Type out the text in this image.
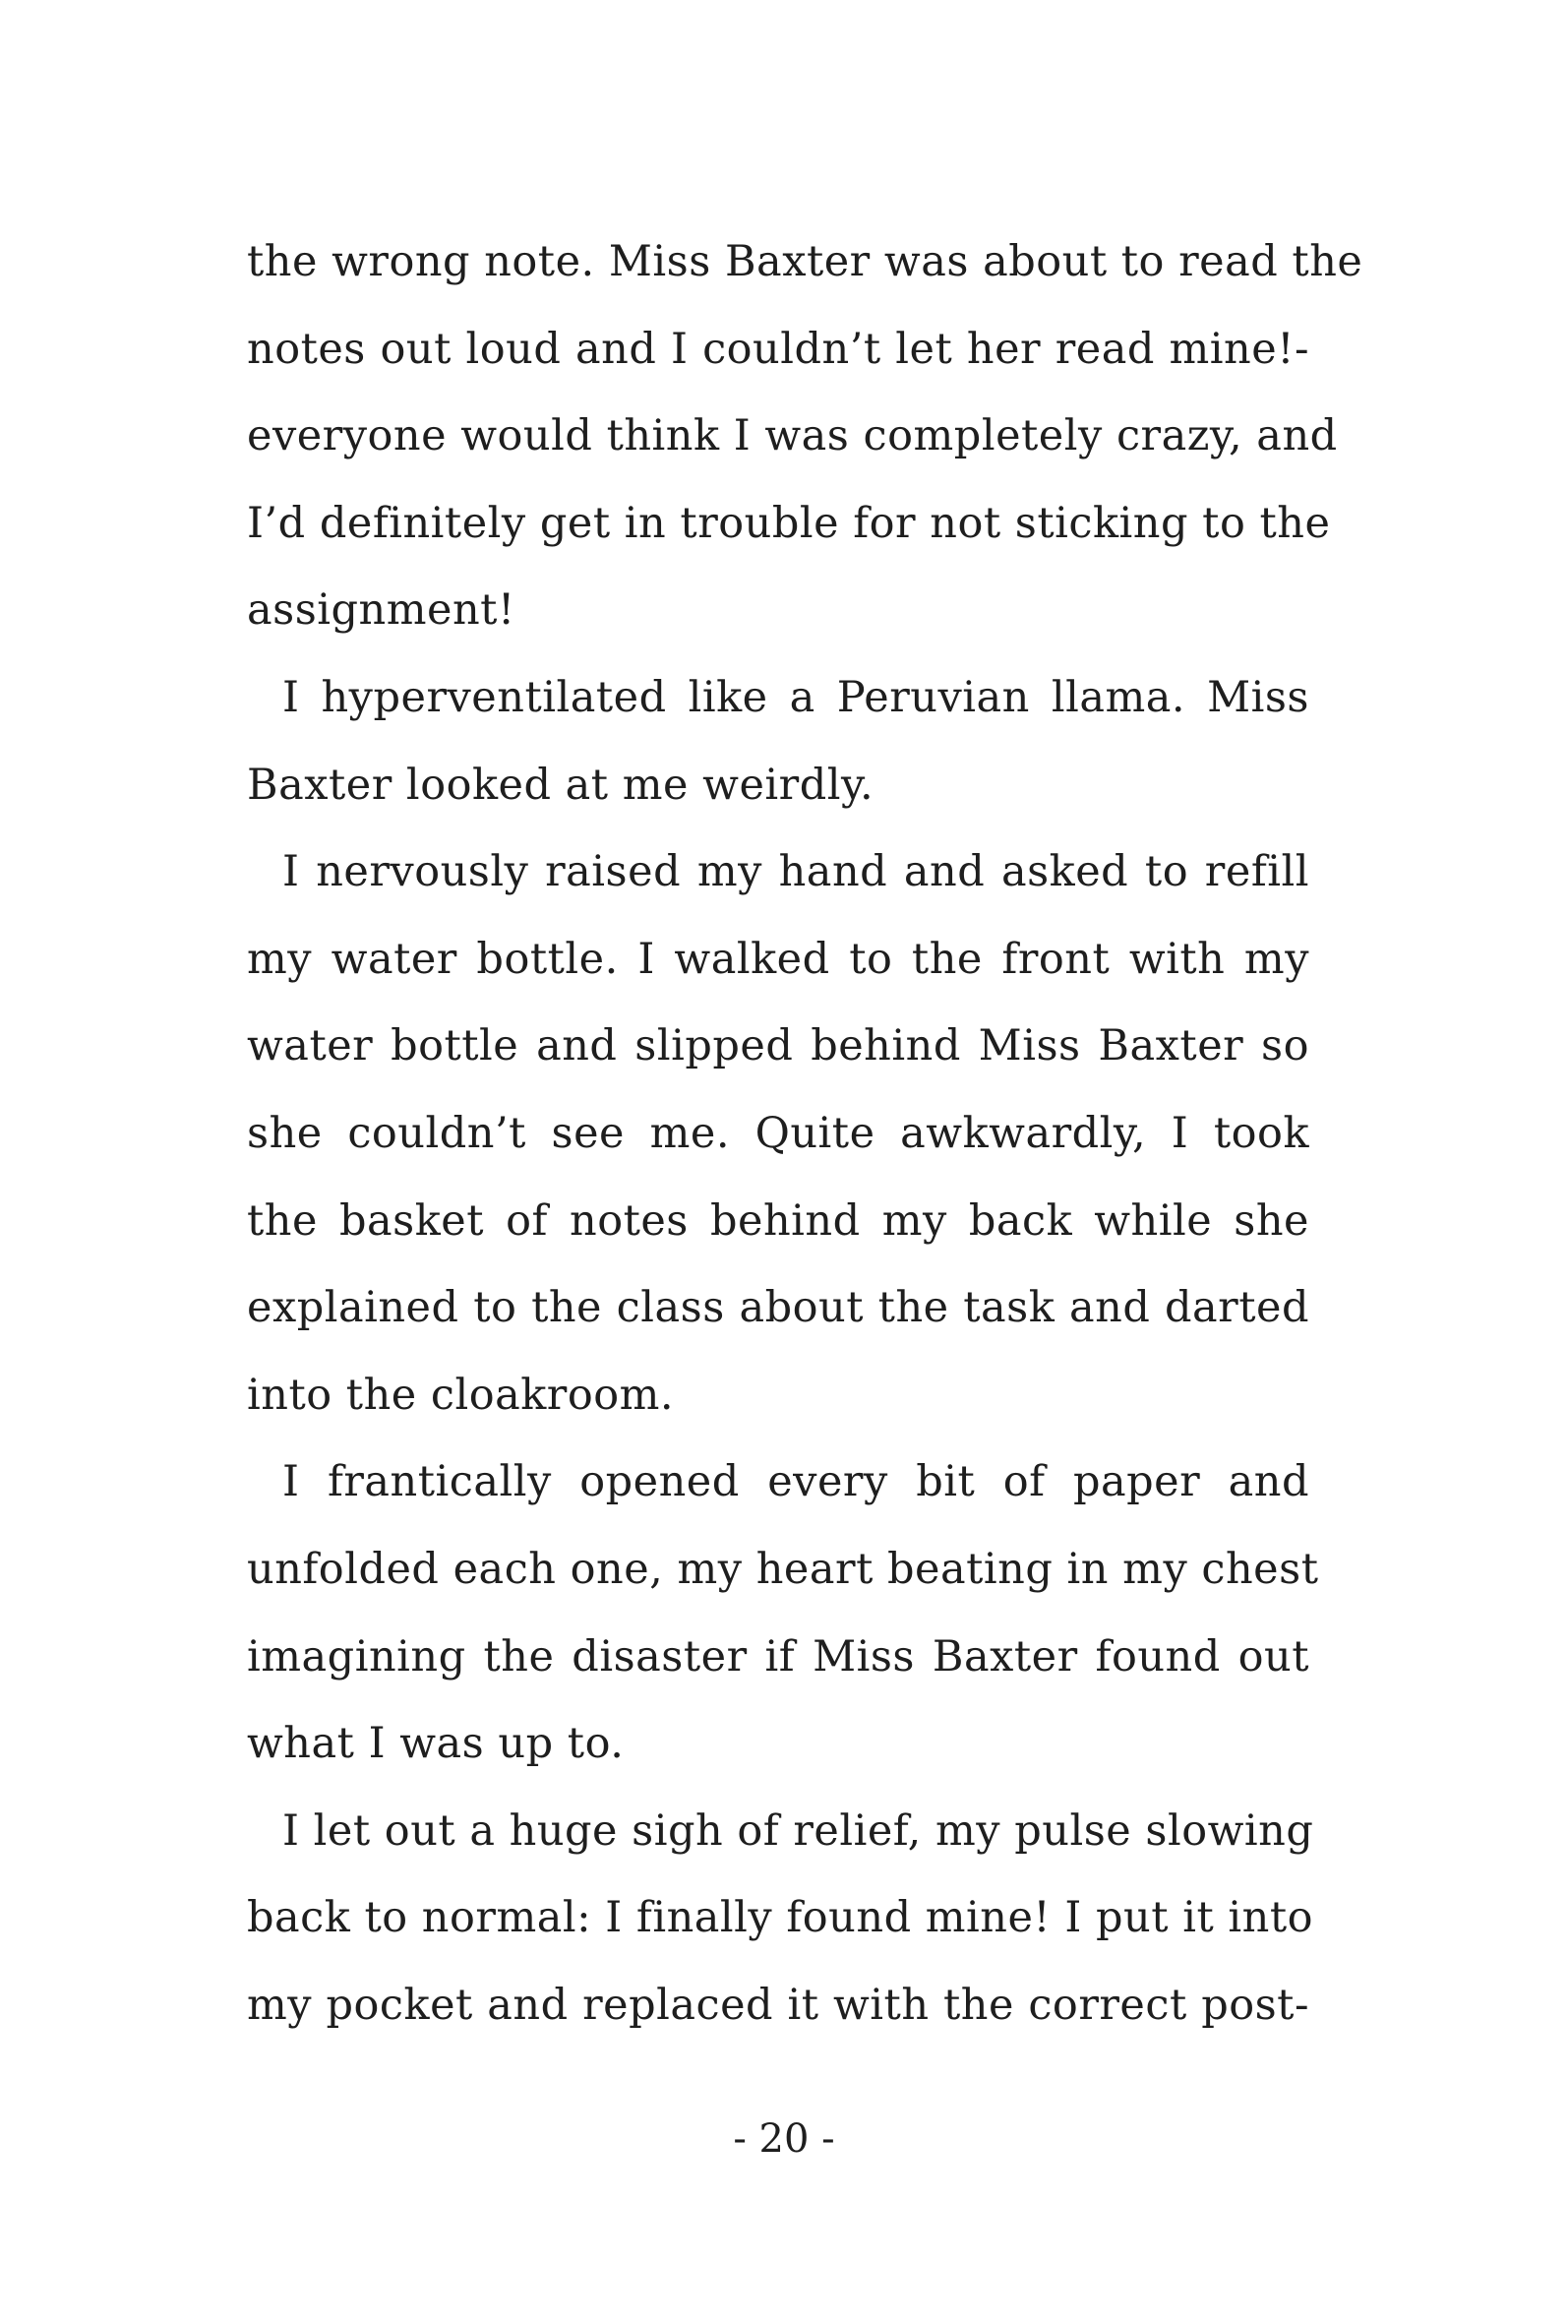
the wrong note. Miss Baxter was about to read the
notes out loud and I couldn’t let her read mine!-
everyone would think I was completely crazy, and
I’d definitely get in trouble for not sticking to the
assignment!
I hyperventilated like a Peruvian llama. Miss
Baxter looked at me weirdly.
I nervously raised my hand and asked to refill
my water bottle. I walked to the front with my
water bottle and slipped behind Miss Baxter so
she couldn’t see me. Quite awkwardly, I took
the basket of notes behind my back while she
explained to the class about the task and darted
into the cloakroom.
I frantically opened every bit of paper and
unfolded each one, my heart beating in my chest
imagining the disaster if Miss Baxter found out
what I was up to.
I let out a huge sigh of relief, my pulse slowing
back to normal: I finally found mine! I put it into
my pocket and replaced it with the correct post-
- 20 -
